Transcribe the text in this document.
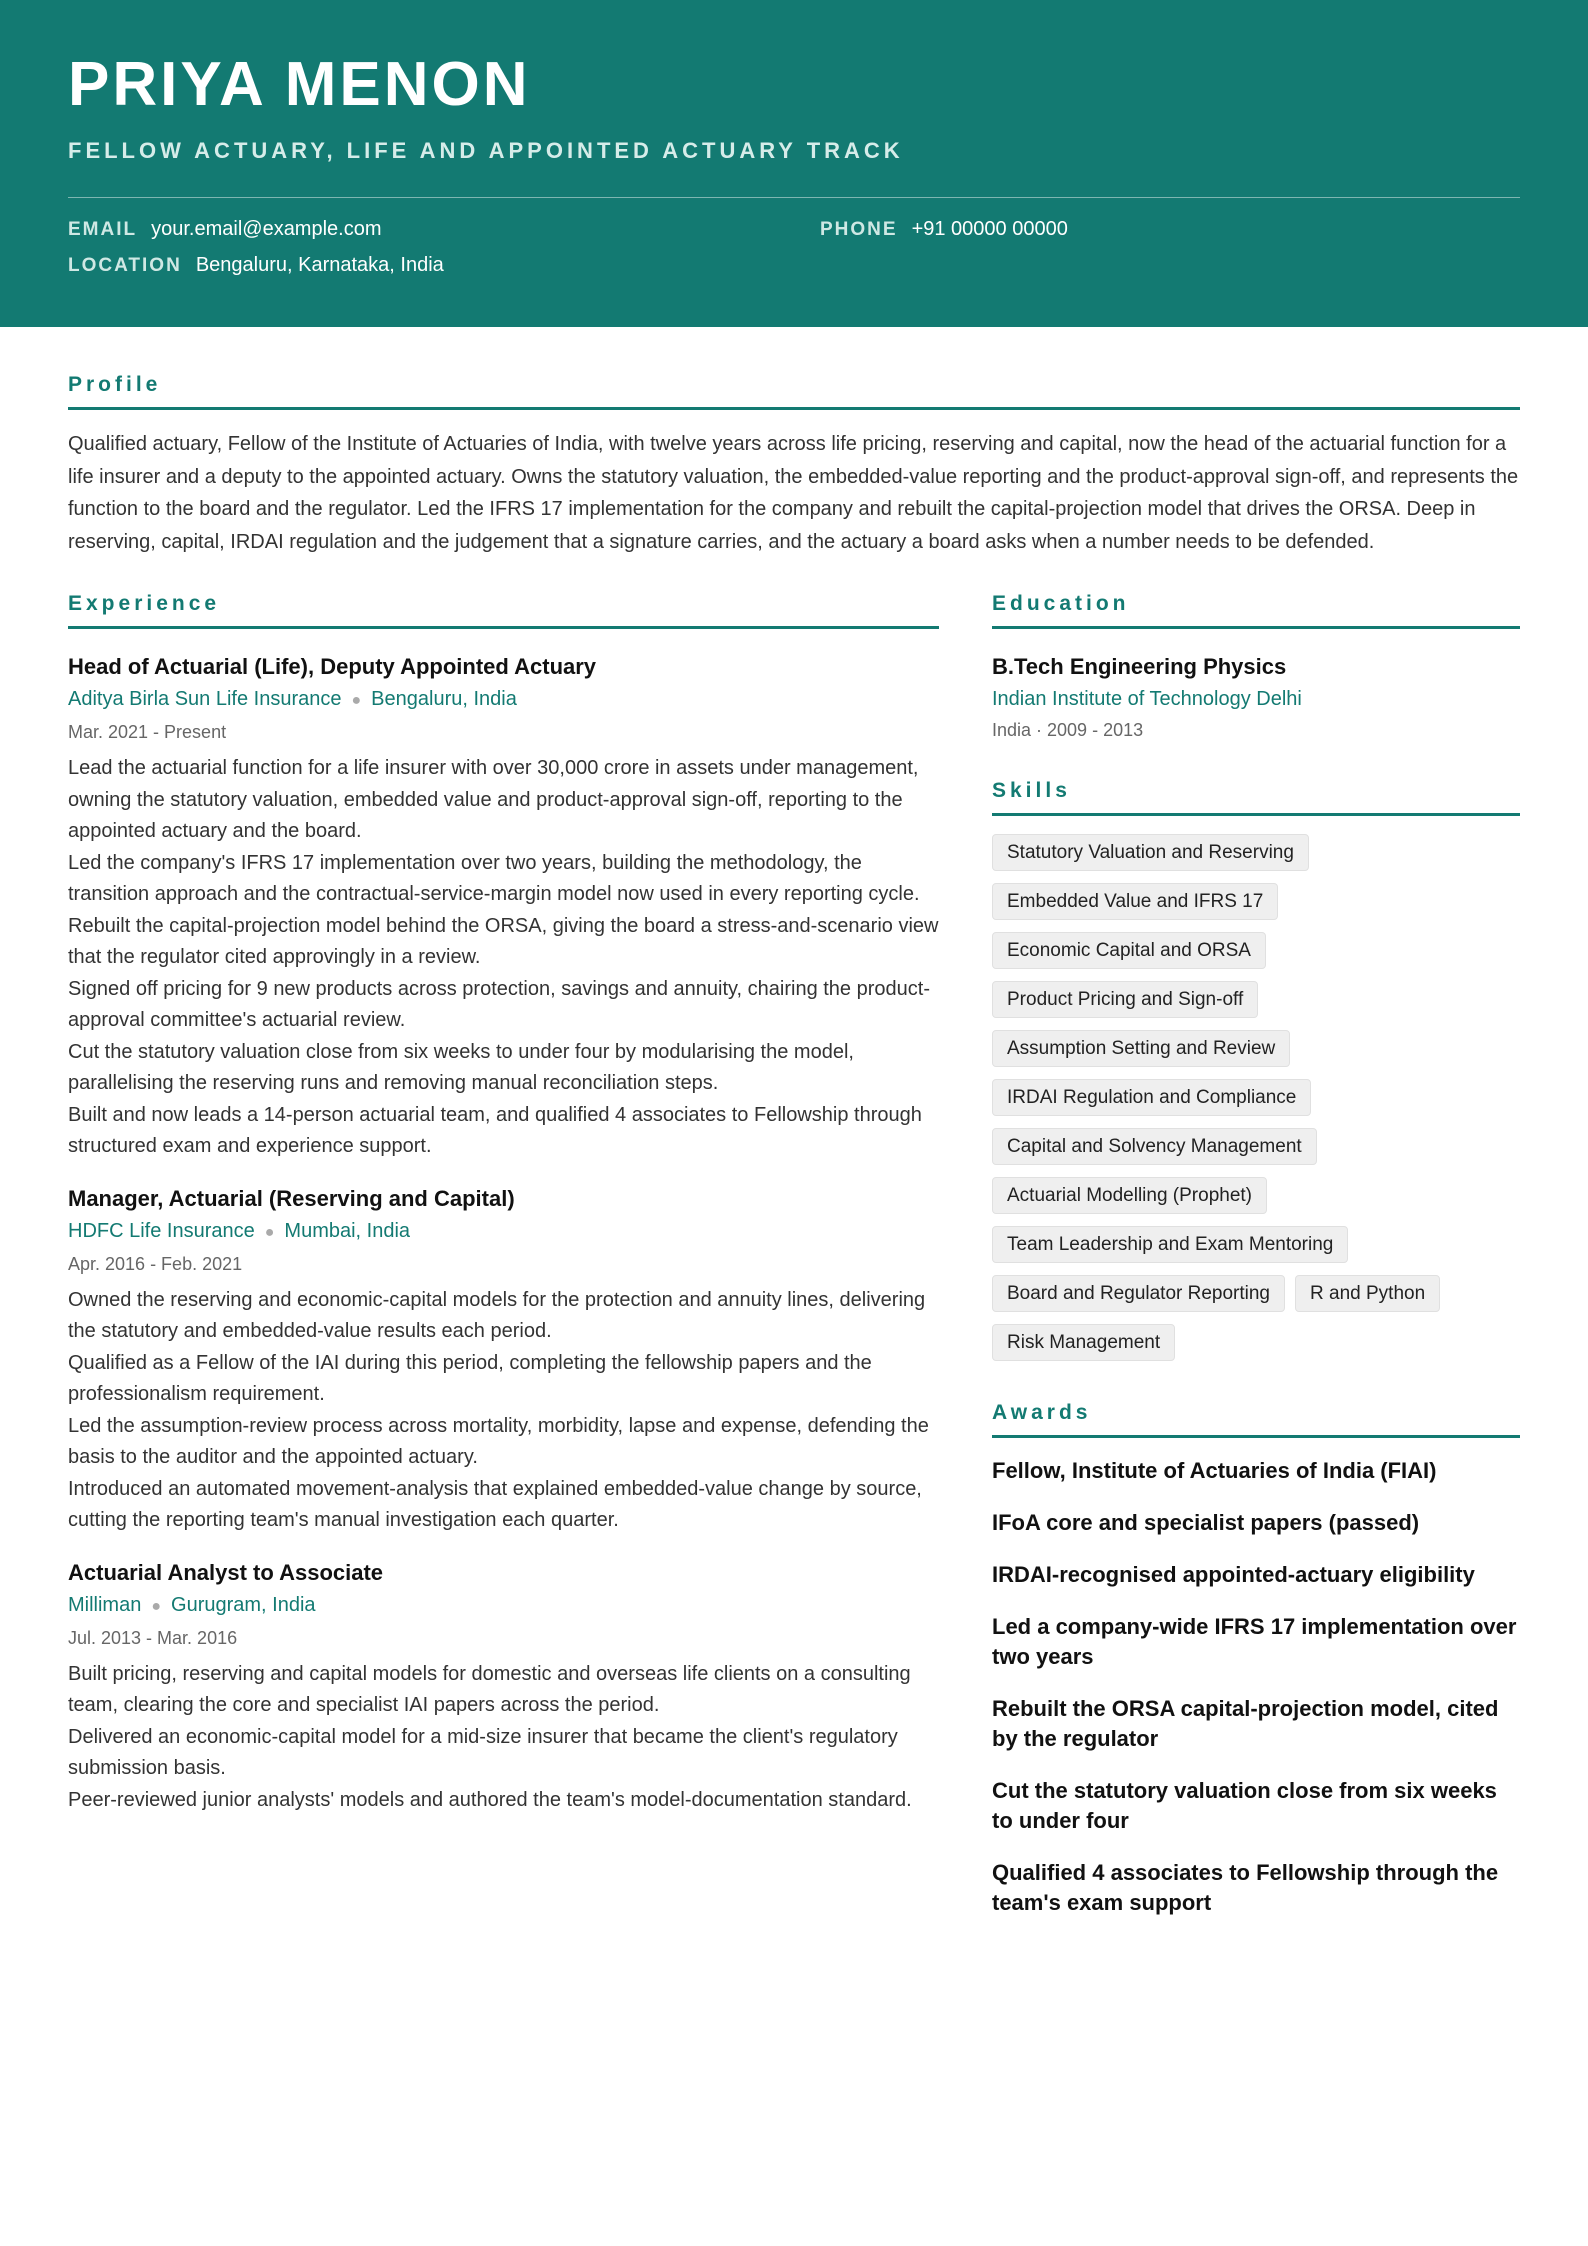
PRIYA MENON
FELLOW ACTUARY, LIFE AND APPOINTED ACTUARY TRACK
EMAIL your.email@example.com	PHONE +91 00000 00000
LOCATION Bengaluru, Karnataka, India
Profile

Qualified actuary, Fellow of the Institute of Actuaries of India, with twelve years across life pricing, reserving and capital, now the head of the actuarial function for a life insurer and a deputy to the appointed actuary. Owns the statutory valuation, the embedded-value reporting and the product-approval sign-off, and represents the function to the board and the regulator. Led the IFRS 17 implementation for the company and rebuilt the capital-projection model that drives the ORSA. Deep in reserving, capital, IRDAI regulation and the judgement that a signature carries, and the actuary a board asks when a number needs to be defended.

Experience
Head of Actuarial (Life), Deputy Appointed Actuary
Aditya Birla Sun Life Insurance ● Bengaluru, India
Mar. 2021 - Present
Lead the actuarial function for a life insurer with over 30,000 crore in assets under management, owning the statutory valuation, embedded value and product-approval sign-off, reporting to the appointed actuary and the board.
Led the company's IFRS 17 implementation over two years, building the methodology, the transition approach and the contractual-service-margin model now used in every reporting cycle.
Rebuilt the capital-projection model behind the ORSA, giving the board a stress-and-scenario view that the regulator cited approvingly in a review.
Signed off pricing for 9 new products across protection, savings and annuity, chairing the product-approval committee's actuarial review.
Cut the statutory valuation close from six weeks to under four by modularising the model, parallelising the reserving runs and removing manual reconciliation steps.
Built and now leads a 14-person actuarial team, and qualified 4 associates to Fellowship through structured exam and experience support.
Manager, Actuarial (Reserving and Capital)
HDFC Life Insurance ● Mumbai, India
Apr. 2016 - Feb. 2021
Owned the reserving and economic-capital models for the protection and annuity lines, delivering the statutory and embedded-value results each period.
Qualified as a Fellow of the IAI during this period, completing the fellowship papers and the professionalism requirement.
Led the assumption-review process across mortality, morbidity, lapse and expense, defending the basis to the auditor and the appointed actuary.
Introduced an automated movement-analysis that explained embedded-value change by source, cutting the reporting team's manual investigation each quarter.
Actuarial Analyst to Associate
Milliman ● Gurugram, India
Jul. 2013 - Mar. 2016
Built pricing, reserving and capital models for domestic and overseas life clients on a consulting team, clearing the core and specialist IAI papers across the period.
Delivered an economic-capital model for a mid-size insurer that became the client's regulatory submission basis.
Peer-reviewed junior analysts' models and authored the team's model-documentation standard.
Education
B.Tech Engineering Physics
Indian Institute of Technology Delhi
India · 2009 - 2013
Skills
Statutory Valuation and Reserving
Embedded Value and IFRS 17
Economic Capital and ORSA
Product Pricing and Sign-off
Assumption Setting and Review
IRDAI Regulation and Compliance
Capital and Solvency Management
Actuarial Modelling (Prophet)
Team Leadership and Exam Mentoring
Board and Regulator Reporting	R and Python
Risk Management
Awards
Fellow, Institute of Actuaries of India (FIAI)
IFoA core and specialist papers (passed)
IRDAI-recognised appointed-actuary eligibility
Led a company-wide IFRS 17 implementation over two years
Rebuilt the ORSA capital-projection model, cited by the regulator
Cut the statutory valuation close from six weeks to under four
Qualified 4 associates to Fellowship through the team's exam support
